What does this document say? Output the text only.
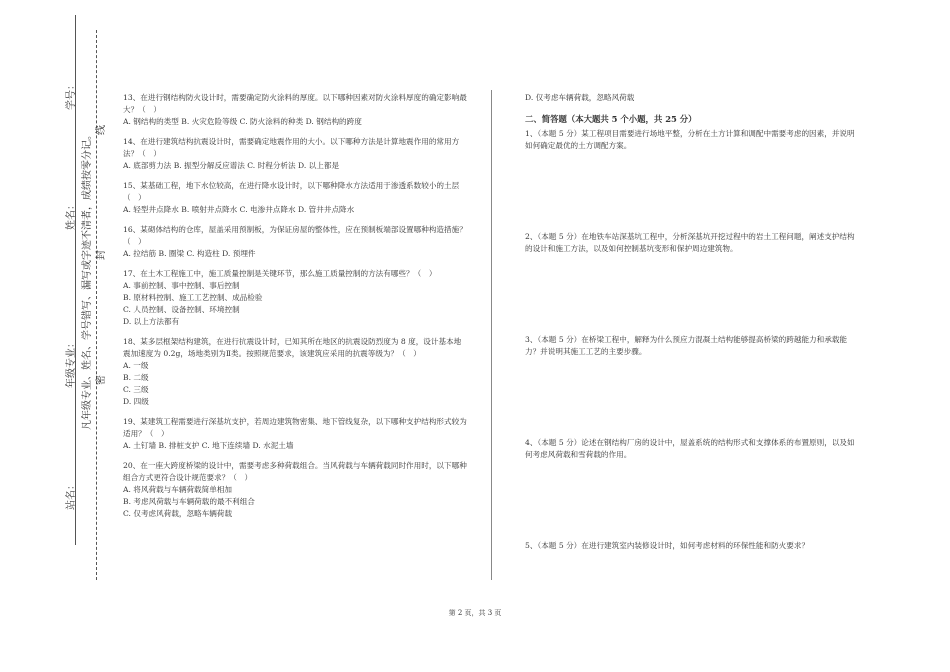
学号：
姓名：
年级专业：
站名：
凡年级专业、姓名、学号错写、漏写或字迹不清者，成绩按零分记。 密
封
线
13、在进行钢结构防火设计时，需要确定防火涂料的厚度。以下哪种因素对防火涂料厚度的确定影响最大？（　）
A. 钢结构的类型 B. 火灾危险等级 C. 防火涂料的种类 D. 钢结构的跨度
14、在进行建筑结构抗震设计时，需要确定地震作用的大小。以下哪种方法是计算地震作用的常用方法？（　）
A. 底部剪力法 B. 振型分解反应谱法 C. 时程分析法 D. 以上都是
15、某基础工程，地下水位较高，在进行降水设计时，以下哪种降水方法适用于渗透系数较小的土层（　）
A. 轻型井点降水 B. 喷射井点降水 C. 电渗井点降水 D. 管井井点降水
16、某砌体结构的仓库，屋盖采用预制板，为保证房屋的整体性，应在预制板端部设置哪种构造措施？（　）
A. 拉结筋 B. 圈梁 C. 构造柱 D. 预埋件
17、在土木工程施工中，施工质量控制是关键环节，那么施工质量控制的方法有哪些？（　）
A. 事前控制、事中控制、事后控制
B. 原材料控制、施工工艺控制、成品检验
C. 人员控制、设备控制、环境控制
D. 以上方法都有
18、某多层框架结构建筑，在进行抗震设计时，已知其所在地区的抗震设防烈度为 8 度，设计基本地震加速度为 0.2g，场地类别为Ⅱ类。按照规范要求，该建筑应采用的抗震等级为？（　）
A. 一级
B. 二级
C. 三级
D. 四级
19、某建筑工程需要进行深基坑支护，若周边建筑物密集、地下管线复杂，以下哪种支护结构形式较为适用？（　）
A. 土钉墙 B. 排桩支护 C. 地下连续墙 D. 水泥土墙
20、在一座大跨度桥梁的设计中，需要考虑多种荷载组合。当风荷载与车辆荷载同时作用时，以下哪种组合方式更符合设计规范要求？（　）
A. 将风荷载与车辆荷载简单相加
B. 考虑风荷载与车辆荷载的最不利组合
C. 仅考虑风荷载，忽略车辆荷载
D. 仅考虑车辆荷载，忽略风荷载
二、简答题（本大题共 5 个小题，共 25 分）
1、（本题 5 分）某工程项目需要进行场地平整，分析在土方计算和调配中需要考虑的因素，并说明如何确定最优的土方调配方案。
2、（本题 5 分）在地铁车站深基坑工程中，分析深基坑开挖过程中的岩土工程问题，阐述支护结构的设计和施工方法，以及如何控制基坑变形和保护周边建筑物。
3、（本题 5 分）在桥梁工程中，解释为什么预应力混凝土结构能够提高桥梁的跨越能力和承载能力？并说明其施工工艺的主要步骤。
4、（本题 5 分）论述在钢结构厂房的设计中，屋盖系统的结构形式和支撑体系的布置原则，以及如何考虑风荷载和雪荷载的作用。
5、（本题 5 分）在进行建筑室内装修设计时，如何考虑材料的环保性能和防火要求？
第 2 页，共 3 页
